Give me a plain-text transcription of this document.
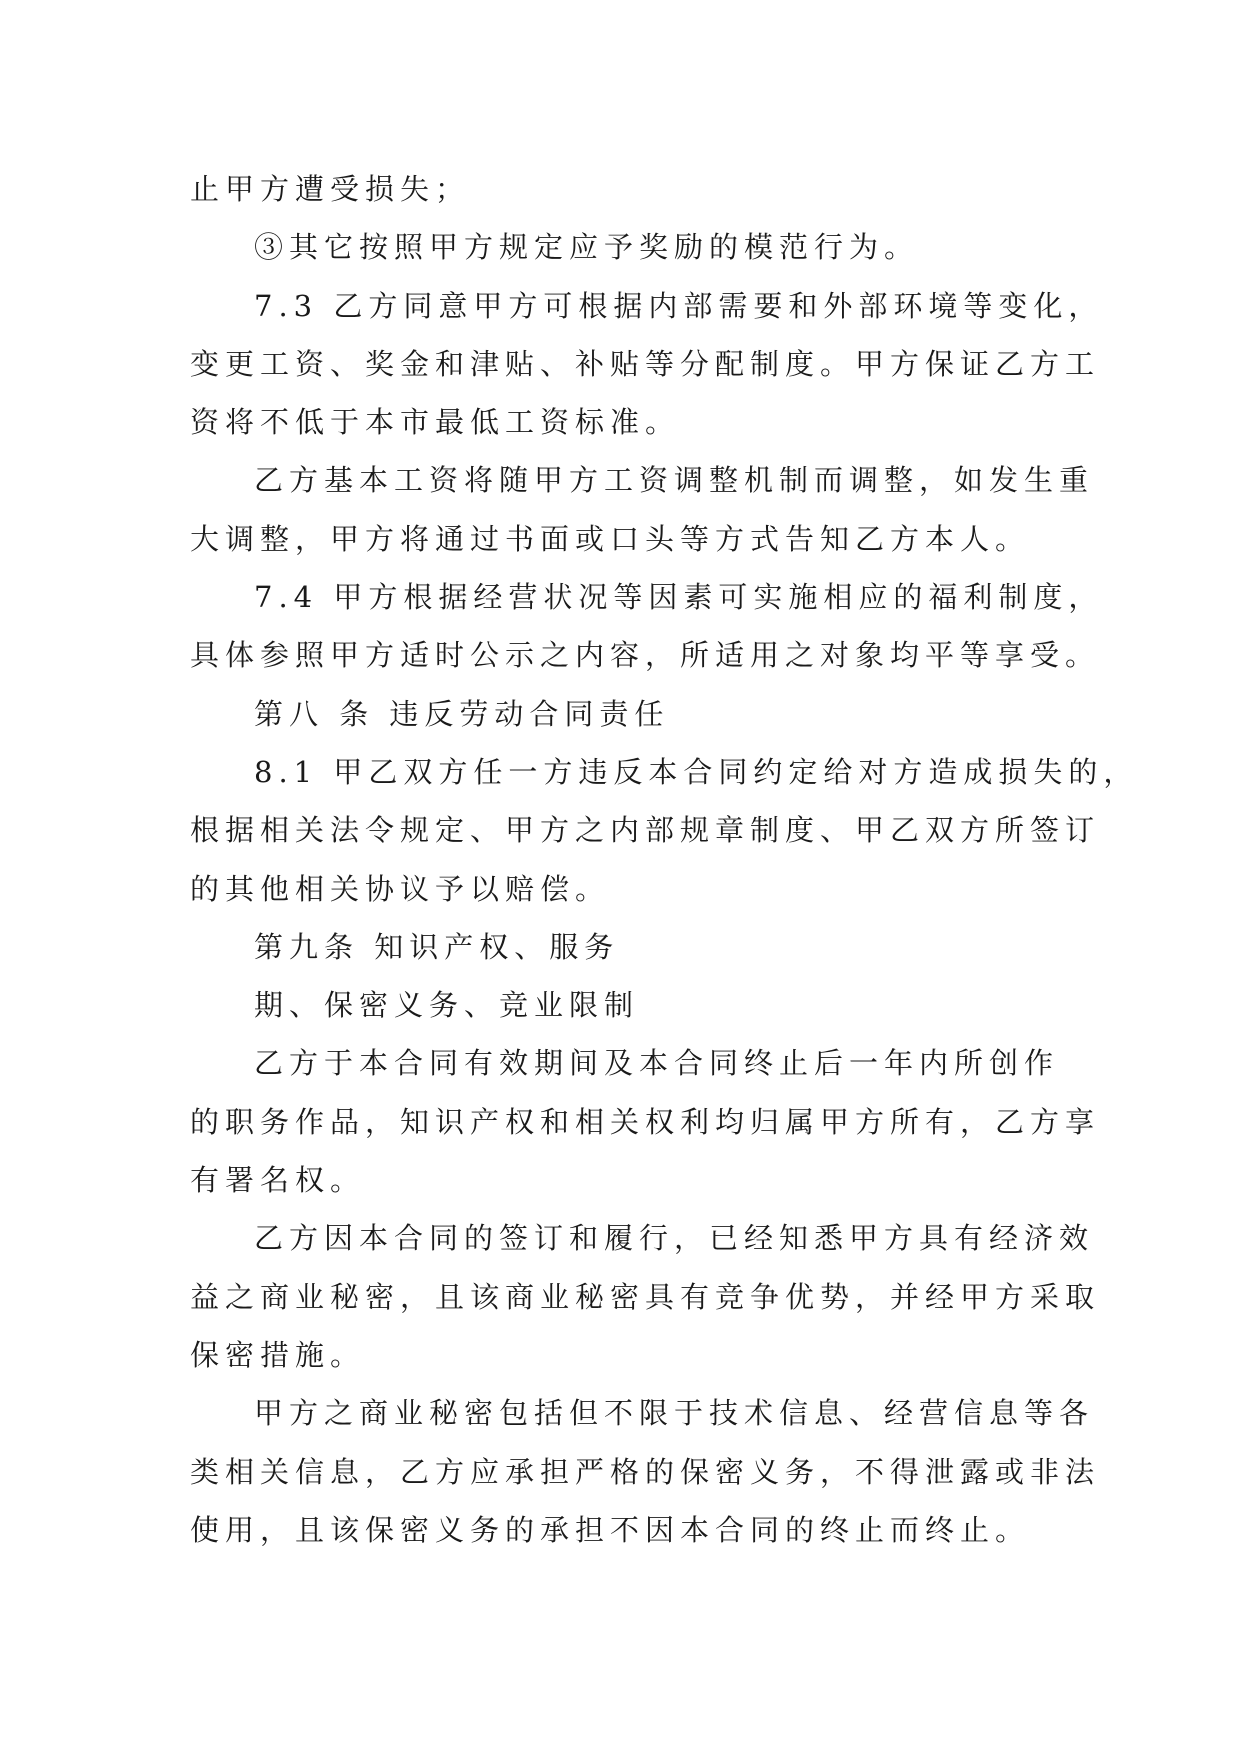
止甲方遭受损失；

③其它按照甲方规定应予奖励的模范行为。

7.3 乙方同意甲方可根据内部需要和外部环境等变化，

变更工资、奖金和津贴、补贴等分配制度。甲方保证乙方工

资将不低于本市最低工资标准。

乙方基本工资将随甲方工资调整机制而调整，如发生重

大调整，甲方将通过书面或口头等方式告知乙方本人。

7.4 甲方根据经营状况等因素可实施相应的福利制度，

具体参照甲方适时公示之内容，所适用之对象均平等享受。

第八 条 违反劳动合同责任

8.1 甲乙双方任一方违反本合同约定给对方造成损失的，

根据相关法令规定、甲方之内部规章制度、甲乙双方所签订

的其他相关协议予以赔偿。

第九条 知识产权、服务

期、保密义务、竞业限制

乙方于本合同有效期间及本合同终止后一年内所创作

的职务作品，知识产权和相关权利均归属甲方所有，乙方享

有署名权。

乙方因本合同的签订和履行，已经知悉甲方具有经济效

益之商业秘密，且该商业秘密具有竞争优势，并经甲方采取

保密措施。

甲方之商业秘密包括但不限于技术信息、经营信息等各

类相关信息，乙方应承担严格的保密义务，不得泄露或非法

使用，且该保密义务的承担不因本合同的终止而终止。
